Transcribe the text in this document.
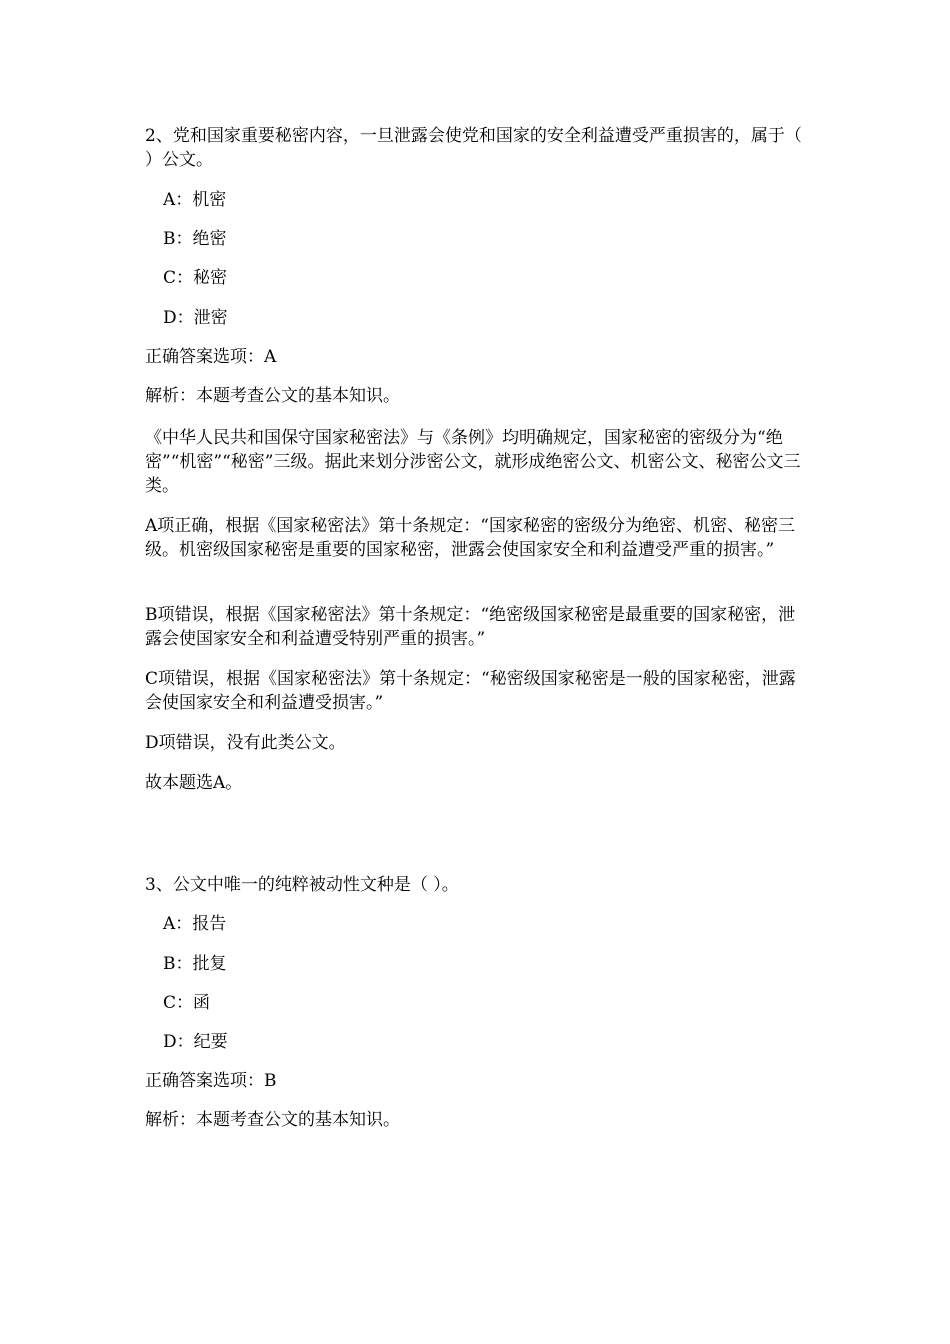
2、党和国家重要秘密内容，一旦泄露会使党和国家的安全利益遭受严重损害的，属于（ ）公文。
A：机密
B：绝密
C：秘密
D：泄密
正确答案选项：A
解析：本题考查公文的基本知识。
《中华人民共和国保守国家秘密法》与《条例》均明确规定，国家秘密的密级分为“绝密”“机密”“秘密”三级。据此来划分涉密公文，就形成绝密公文、机密公文、秘密公文三类。
A项正确，根据《国家秘密法》第十条规定：“国家秘密的密级分为绝密、机密、秘密三级。机密级国家秘密是重要的国家秘密，泄露会使国家安全和利益遭受严重的损害。”
B项错误，根据《国家秘密法》第十条规定：“绝密级国家秘密是最重要的国家秘密，泄露会使国家安全和利益遭受特别严重的损害。”
C项错误，根据《国家秘密法》第十条规定：“秘密级国家秘密是一般的国家秘密，泄露会使国家安全和利益遭受损害。”
D项错误，没有此类公文。
故本题选A。
3、公文中唯一的纯粹被动性文种是（ ）。
A：报告
B：批复
C：函
D：纪要
正确答案选项：B
解析：本题考查公文的基本知识。
